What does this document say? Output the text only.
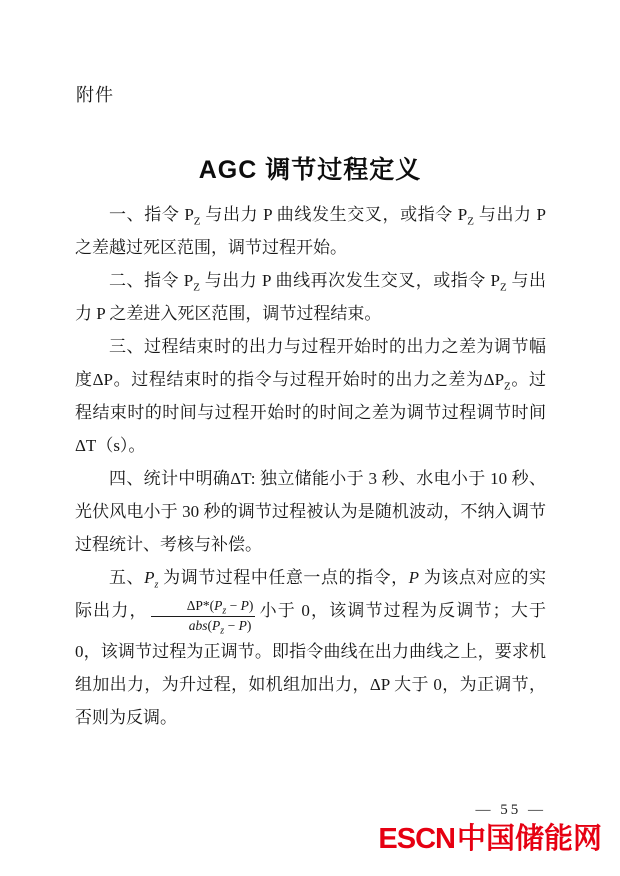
附件
AGC 调节过程定义

一、指令 $P_Z$ 与出力 P 曲线发生交叉，或指令 $P_Z$ 与出力 P 之差越过死区范围，调节过程开始。

二、指令 $P_Z$ 与出力 P 曲线再次发生交叉，或指令 $P_Z$ 与出力 P 之差进入死区范围，调节过程结束。

三、过程结束时的出力与过程开始时的出力之差为调节幅度ΔP。过程结束时的指令与过程开始时的出力之差为$\Delta P_Z$。过程结束时的时间与过程开始时的时间之差为调节过程调节时间ΔT（s）。

四、统计中明确ΔT: 独立储能小于 3 秒、水电小于 10 秒、光伏风电小于 30 秒的调节过程被认为是随机波动，不纳入调节过程统计、考核与补偿。

五、$P_z$ 为调节过程中任意一点的指令，P 为该点对应的实际出力， $\frac{\Delta P*(P_z - P)}{abs(P_z - P)}$ 小于 0，该调节过程为反调节；大于 0，该调节过程为正调节。即指令曲线在出力曲线之上，要求机组加出力，为升过程，如机组加出力，ΔP 大于 0，为正调节，否则为反调。

— 55 —
ESCN中国储能网
